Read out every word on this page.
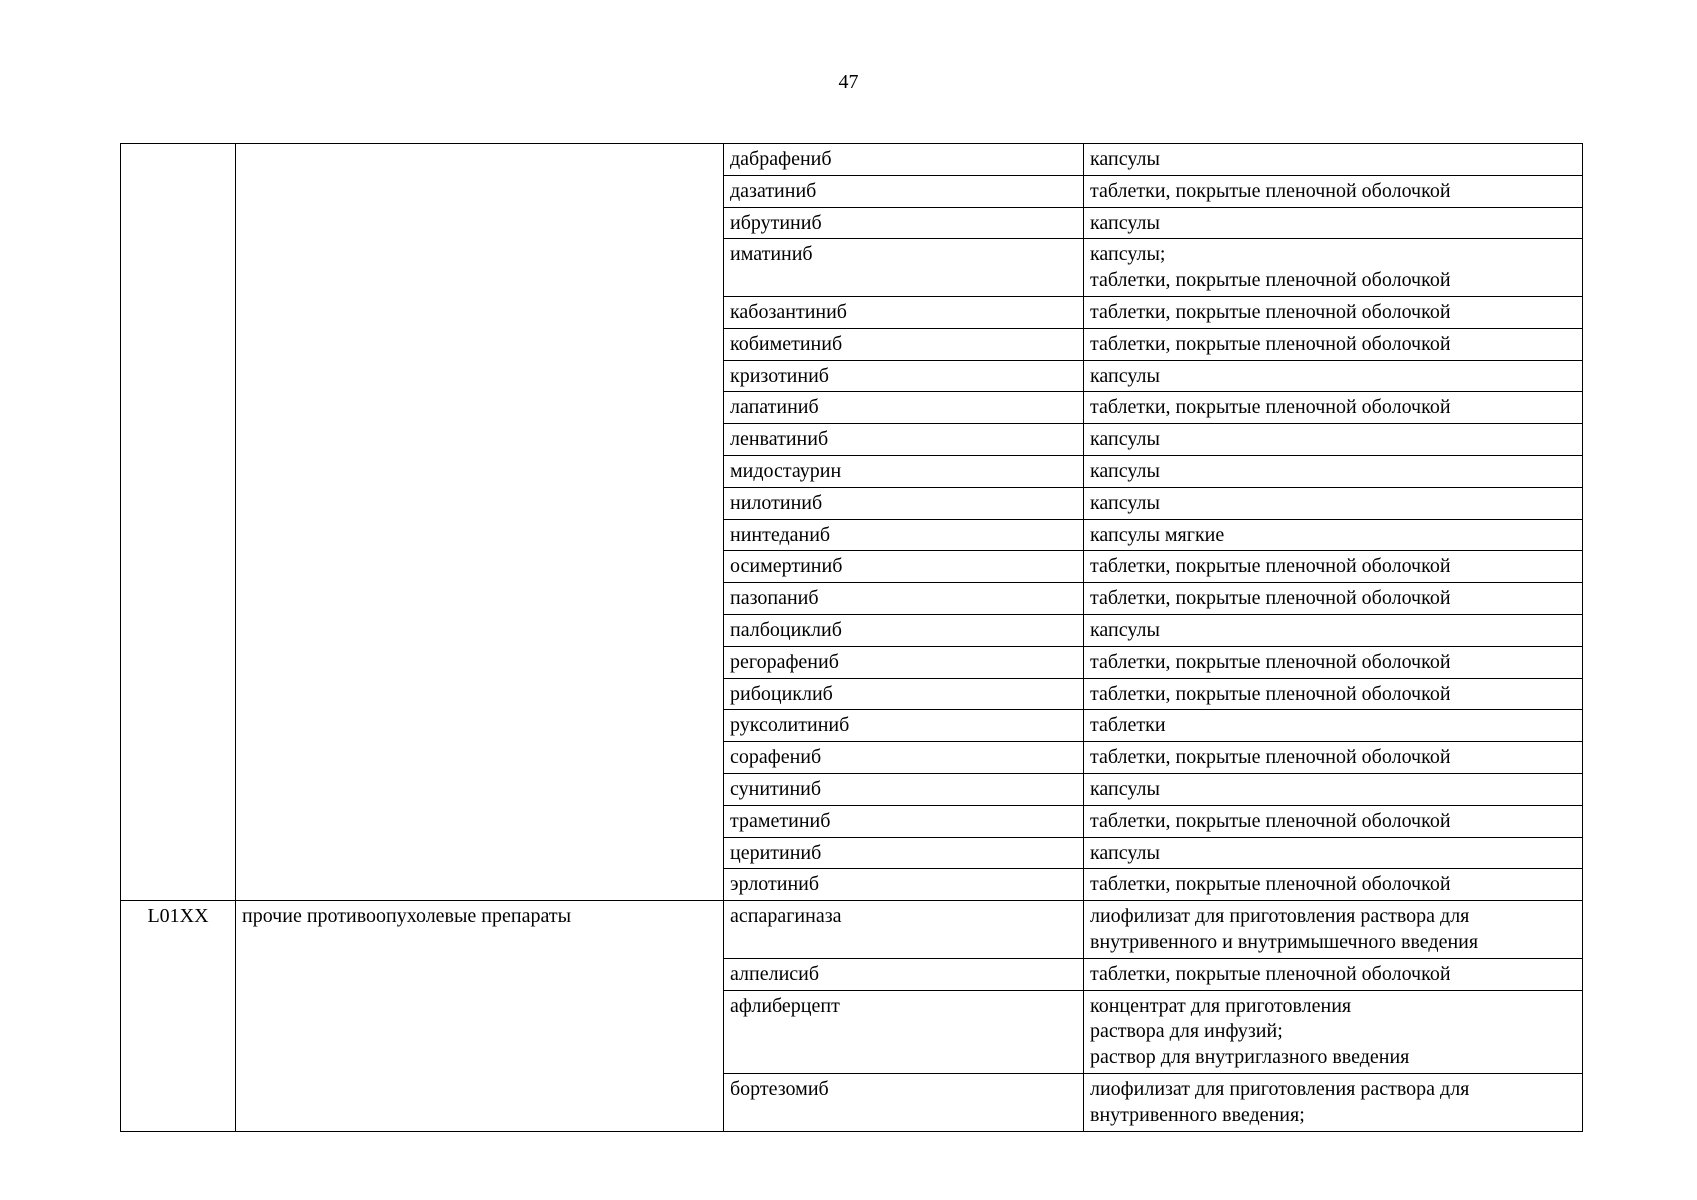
47
		дабрафениб	капсулы

		дазатиниб	таблетки, покрытые пленочной оболочкой

		ибрутиниб	капсулы

		иматиниб	капсулы;
таблетки, покрытые пленочной оболочкой

		кабозантиниб	таблетки, покрытые пленочной оболочкой

		кобиметиниб	таблетки, покрытые пленочной оболочкой

		кризотиниб	капсулы

		лапатиниб	таблетки, покрытые пленочной оболочкой

		ленватиниб	капсулы

		мидостаурин	капсулы

		нилотиниб	капсулы

		нинтеданиб	капсулы мягкие

		осимертиниб	таблетки, покрытые пленочной оболочкой

		пазопаниб	таблетки, покрытые пленочной оболочкой

		палбоциклиб	капсулы

		регорафениб	таблетки, покрытые пленочной оболочкой

		рибоциклиб	таблетки, покрытые пленочной оболочкой

		руксолитиниб	таблетки

		сорафениб	таблетки, покрытые пленочной оболочкой

		сунитиниб	капсулы

		траметиниб	таблетки, покрытые пленочной оболочкой

		церитиниб	капсулы

		эрлотиниб	таблетки, покрытые пленочной оболочкой

L01XX	прочие противоопухолевые препараты	аспарагиназа	лиофилизат для приготовления раствора для
внутривенного и внутримышечного введения

		алпелисиб	таблетки, покрытые пленочной оболочкой

		афлиберцепт	концентрат для приготовления
раствора для инфузий;
раствор для внутриглазного введения

		бортезомиб	лиофилизат для приготовления раствора для
внутривенного введения;
